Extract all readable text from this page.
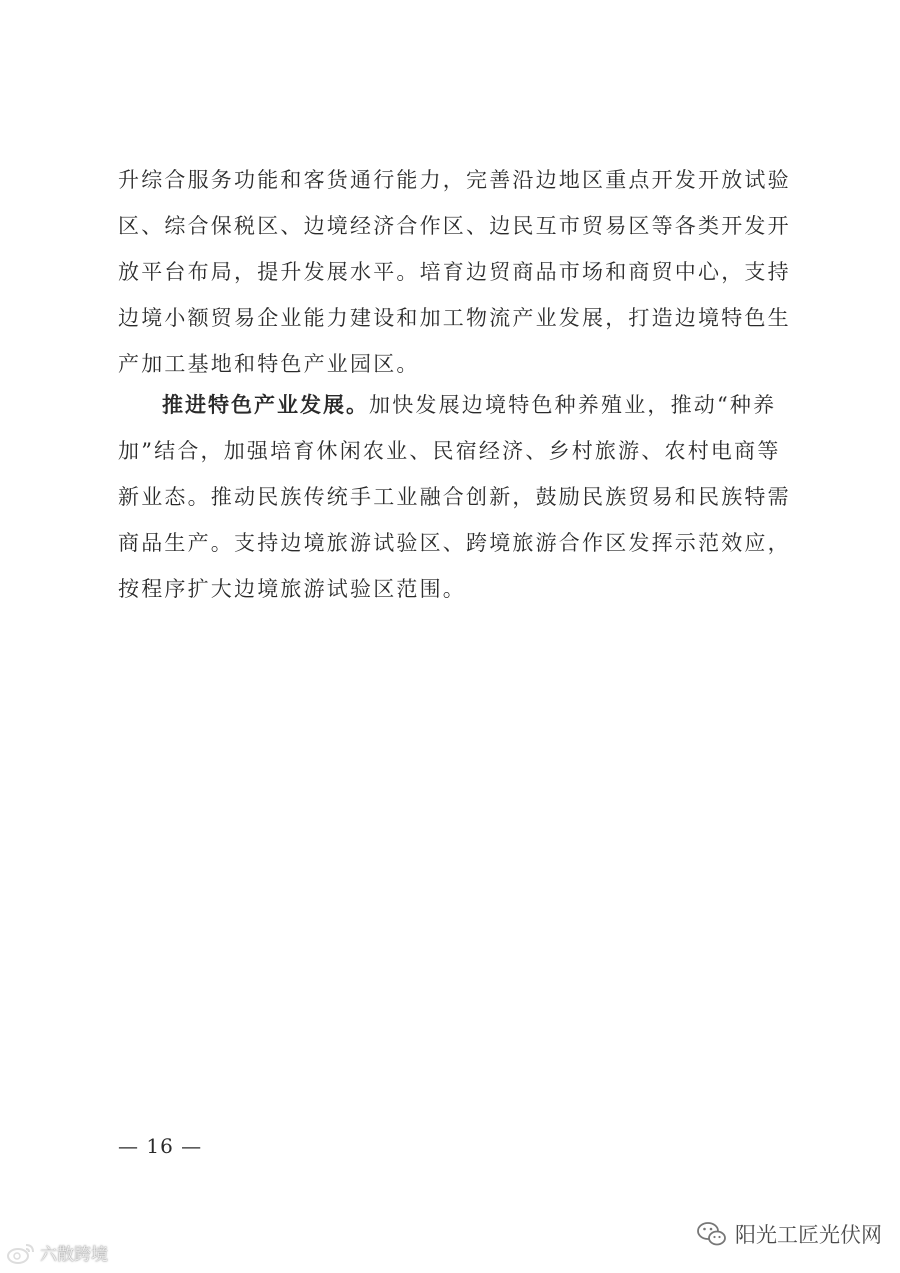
升综合服务功能和客货通行能力，完善沿边地区重点开发开放试验
区、综合保税区、边境经济合作区、边民互市贸易区等各类开发开
放平台布局，提升发展水平。培育边贸商品市场和商贸中心，支持
边境小额贸易企业能力建设和加工物流产业发展，打造边境特色生
产加工基地和特色产业园区。
推进特色产业发展。加快发展边境特色种养殖业，推动“种养
加”结合，加强培育休闲农业、民宿经济、乡村旅游、农村电商等
新业态。推动民族传统手工业融合创新，鼓励民族贸易和民族特需
商品生产。支持边境旅游试验区、跨境旅游合作区发挥示范效应，
按程序扩大边境旅游试验区范围。
— 16 —
六散跨境
阳光工匠光伏网
